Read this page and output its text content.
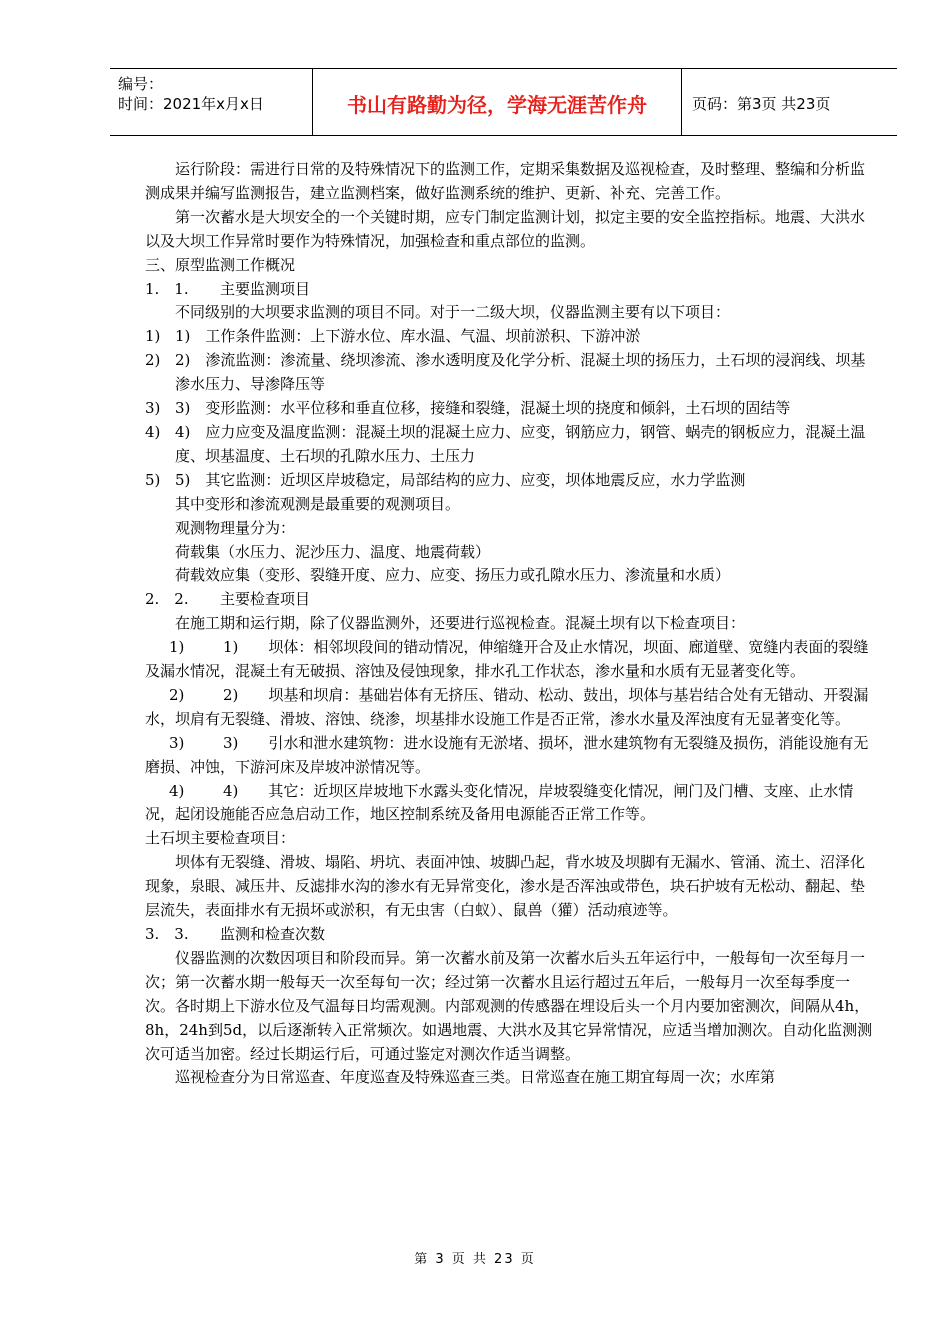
编号：
时间：2021年x月x日	书山有路勤为径，学海无涯苦作舟	页码：第3页 共23页

运行阶段：需进行日常的及特殊情况下的监测工作，定期采集数据及巡视检查，及时整理、整编和分析监测成果并编写监测报告，建立监测档案，做好监测系统的维护、更新、补充、完善工作。

第一次蓄水是大坝安全的一个关键时期，应专门制定监测计划，拟定主要的安全监控指标。地震、大洪水以及大坝工作异常时要作为特殊情况，加强检查和重点部位的监测。

三、原型监测工作概况

1.　1.　主要监测项目

不同级别的大坝要求监测的项目不同。对于一二级大坝，仪器监测主要有以下项目：

1) 1)　工作条件监测：上下游水位、库水温、气温、坝前淤积、下游冲淤

2) 2)　渗流监测：渗流量、绕坝渗流、渗水透明度及化学分析、混凝土坝的扬压力，土石坝的浸润线、坝基渗水压力、导渗降压等

3) 3)　变形监测：水平位移和垂直位移，接缝和裂缝，混凝土坝的挠度和倾斜，土石坝的固结等

4) 4)　应力应变及温度监测：混凝土坝的混凝土应力、应变，钢筋应力，钢管、蜗壳的钢板应力，混凝土温度、坝基温度、土石坝的孔隙水压力、土压力

5) 5)　其它监测：近坝区岸坡稳定，局部结构的应力、应变，坝体地震反应，水力学监测

其中变形和渗流观测是最重要的观测项目。

观测物理量分为：

荷载集（水压力、泥沙压力、温度、地震荷载）

荷载效应集（变形、裂缝开度、应力、应变、扬压力或孔隙水压力、渗流量和水质）

2.　2.　主要检查项目

在施工期和运行期，除了仪器监测外，还要进行巡视检查。混凝土坝有以下检查项目：

1)	1)　　坝体：相邻坝段间的错动情况，伸缩缝开合及止水情况，坝面、廊道壁、宽缝内表面的裂缝及漏水情况，混凝土有无破损、溶蚀及侵蚀现象，排水孔工作状态，渗水量和水质有无显著变化等。

2)	2)　　坝基和坝肩：基础岩体有无挤压、错动、松动、鼓出，坝体与基岩结合处有无错动、开裂漏水，坝肩有无裂缝、滑坡、溶蚀、绕渗，坝基排水设施工作是否正常，渗水水量及浑浊度有无显著变化等。

3)	3)　　引水和泄水建筑物：进水设施有无淤堵、损坏，泄水建筑物有无裂缝及损伤，消能设施有无磨损、冲蚀，下游河床及岸坡冲淤情况等。

4)	4)　　其它：近坝区岸坡地下水露头变化情况，岸坡裂缝变化情况，闸门及门槽、支座、止水情况，起闭设施能否应急启动工作，地区控制系统及备用电源能否正常工作等。

土石坝主要检查项目：

坝体有无裂缝、滑坡、塌陷、坍坑、表面冲蚀、坡脚凸起，背水坡及坝脚有无漏水、管涌、流土、沼泽化现象，泉眼、减压井、反滤排水沟的渗水有无异常变化，渗水是否浑浊或带色，块石护坡有无松动、翻起、垫层流失，表面排水有无损坏或淤积，有无虫害（白蚁）、鼠兽（獾）活动痕迹等。

3.　3.　监测和检查次数

仪器监测的次数因项目和阶段而异。第一次蓄水前及第一次蓄水后头五年运行中，一般每旬一次至每月一次；第一次蓄水期一般每天一次至每旬一次；经过第一次蓄水且运行超过五年后，一般每月一次至每季度一次。各时期上下游水位及气温每日均需观测。内部观测的传感器在埋设后头一个月内要加密测次，间隔从4h，8h，24h到5d，以后逐渐转入正常频次。如遇地震、大洪水及其它异常情况，应适当增加测次。自动化监测测次可适当加密。经过长期运行后，可通过鉴定对测次作适当调整。

巡视检查分为日常巡查、年度巡查及特殊巡查三类。日常巡查在施工期宜每周一次；水库第

第 3 页 共 23 页
